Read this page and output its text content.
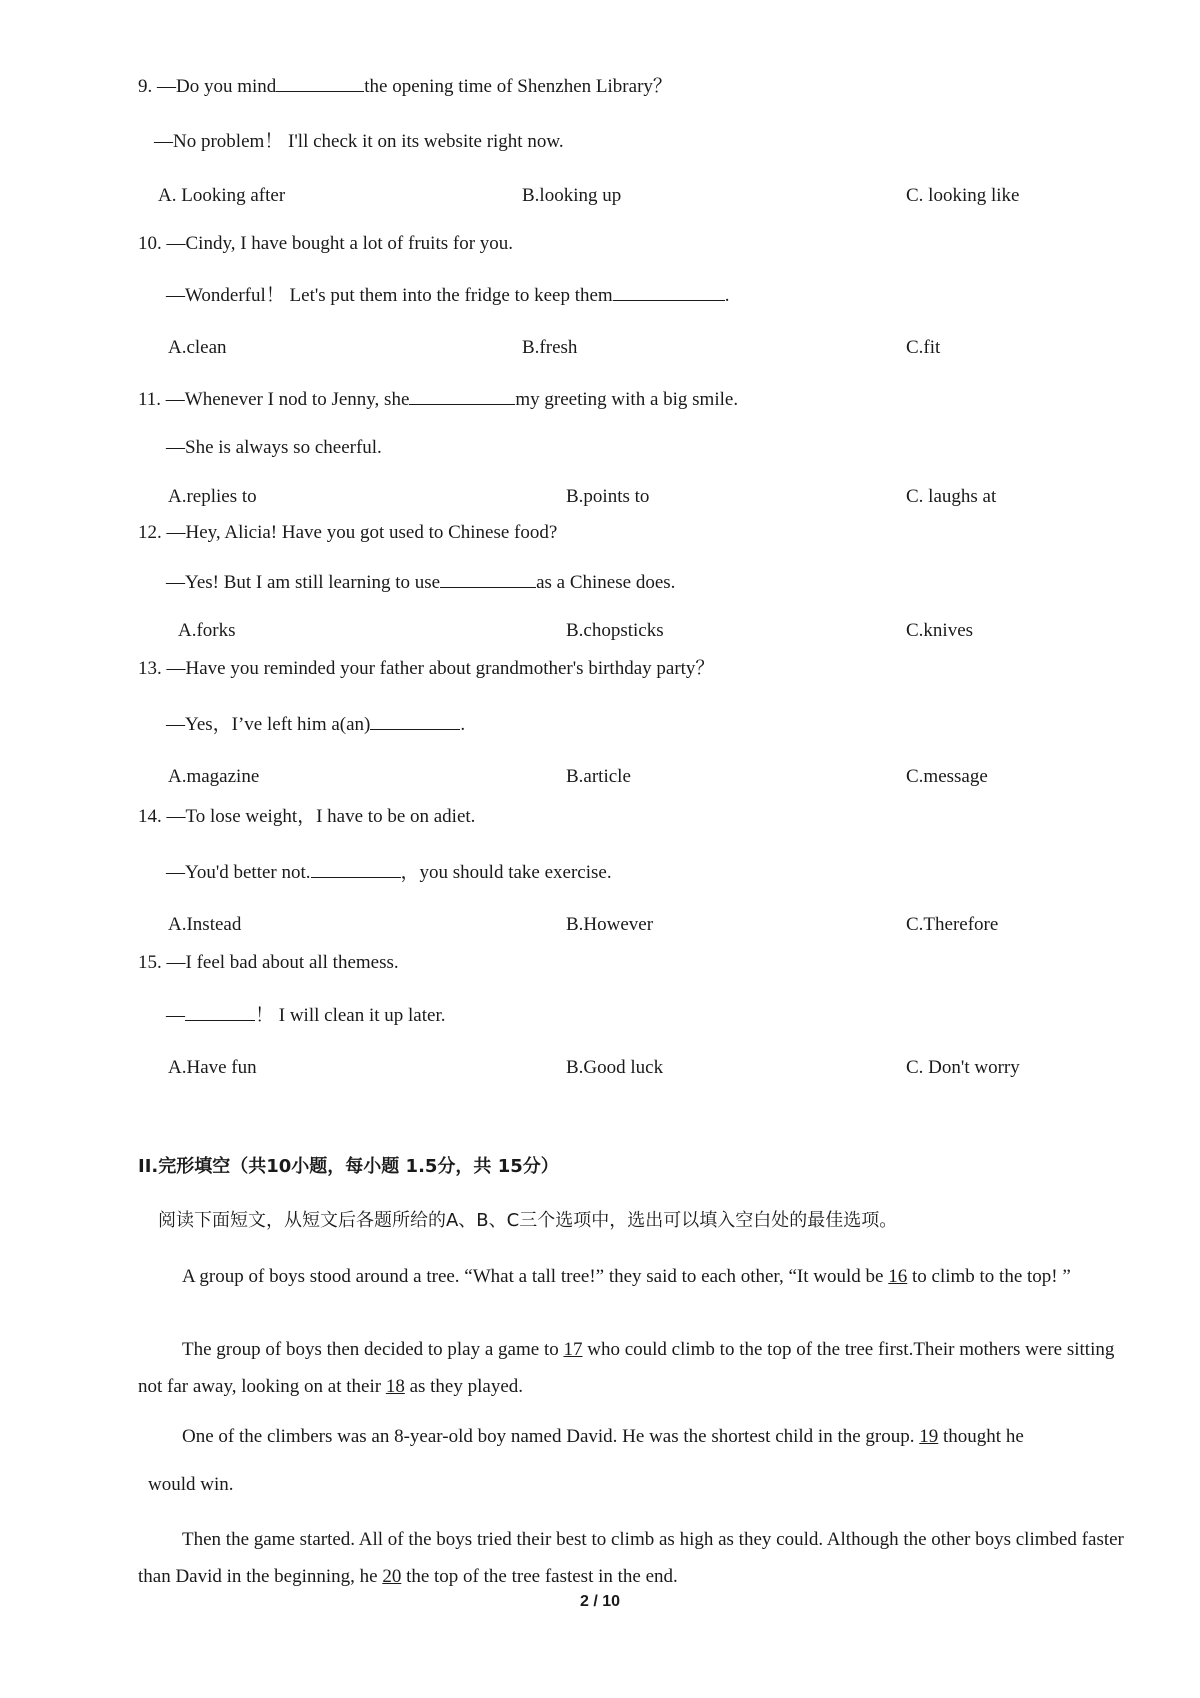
9. —Do you mind	the opening time of Shenzhen Library？
—No problem！ I'll check it on its website right now.
A. Looking after	B.looking up	C. looking like
10. —Cindy, I have bought a lot of fruits for you.
—Wonderful！ Let's put them into the fridge to keep them	.
A.clean	B.fresh	C.fit
11. —Whenever I nod to Jenny, she	my greeting with a big smile.
—She is always so cheerful.
A.replies to	B.points to	C. laughs at
12. —Hey, Alicia! Have you got used to Chinese food?
—Yes! But I am still learning to use	as a Chinese does.
A.forks	B.chopsticks	C.knives
13. —Have you reminded your father about grandmother's birthday party？
—Yes，I’ve left him a(an)	.
A.magazine	B.article	C.message
14. —To lose weight，I have to be on adiet.
—You'd better not.	，you should take exercise.
A.Instead	B.However	C.Therefore
15. —I feel bad about all themess.
—	！ I will clean it up later.
A.Have fun	B.Good luck	C. Don't worry
II.完形填空（共10小题，每小题 1.5分，共 15分）
阅读下面短文，从短文后各题所给的A、B、C三个选项中，选出可以填入空白处的最佳选项。
A group of boys stood around a tree. “What a tall tree!” they said to each other, “It would be 16 to climb to the top! ”
The group of boys then decided to play a game to 17 who could climb to the top of the tree first.Their mothers were sitting not far away, looking on at their 18 as they played.
One of the climbers was an 8-year-old boy named David. He was the shortest child in the group. 19 thought he
would win.
Then the game started. All of the boys tried their best to climb as high as they could. Although the other boys climbed faster than David in the beginning, he 20 the top of the tree fastest in the end.
2 / 10
